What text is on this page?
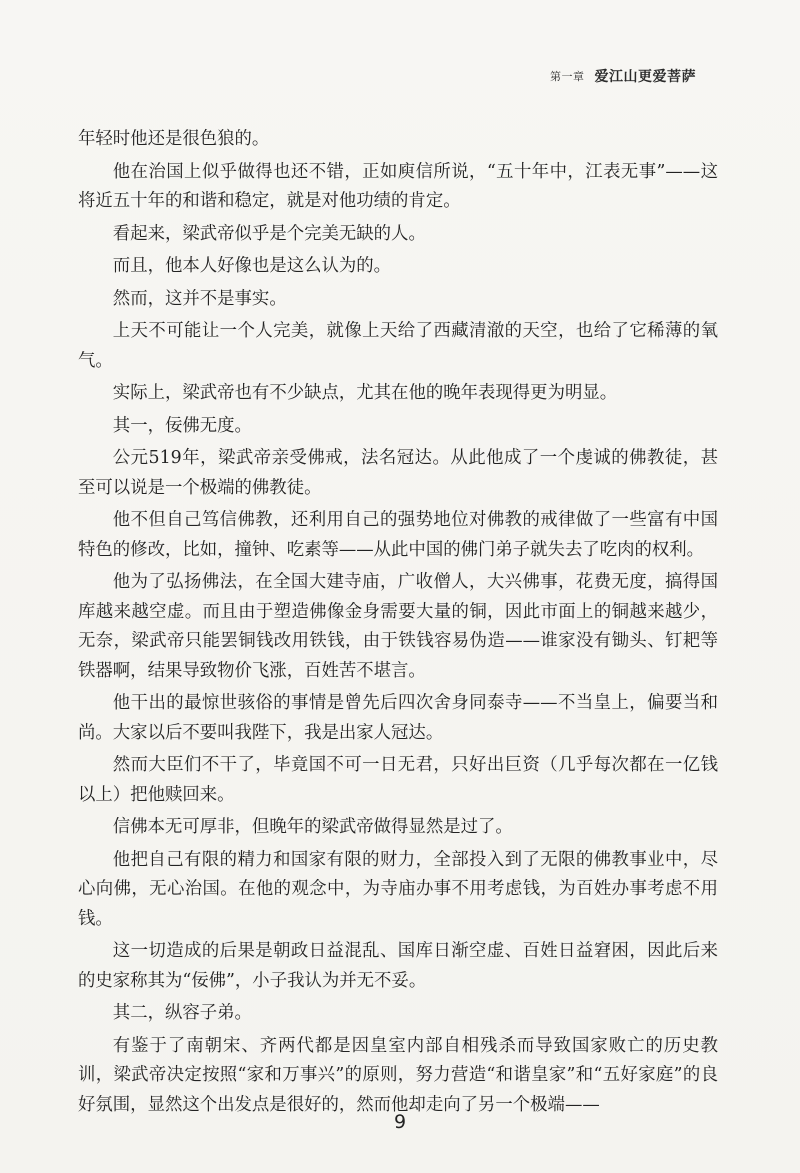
第一章 爱江山更爱菩萨

年轻时他还是很色狼的。

他在治国上似乎做得也还不错，正如庾信所说，“五十年中，江表无事”——这将近五十年的和谐和稳定，就是对他功绩的肯定。

看起来，梁武帝似乎是个完美无缺的人。

而且，他本人好像也是这么认为的。

然而，这并不是事实。

上天不可能让一个人完美，就像上天给了西藏清澈的天空，也给了它稀薄的氧气。

实际上，梁武帝也有不少缺点，尤其在他的晚年表现得更为明显。

其一，佞佛无度。

公元519年，梁武帝亲受佛戒，法名冠达。从此他成了一个虔诚的佛教徒，甚至可以说是一个极端的佛教徒。

他不但自己笃信佛教，还利用自己的强势地位对佛教的戒律做了一些富有中国特色的修改，比如，撞钟、吃素等——从此中国的佛门弟子就失去了吃肉的权利。

他为了弘扬佛法，在全国大建寺庙，广收僧人，大兴佛事，花费无度，搞得国库越来越空虚。而且由于塑造佛像金身需要大量的铜，因此市面上的铜越来越少，无奈，梁武帝只能罢铜钱改用铁钱，由于铁钱容易伪造——谁家没有锄头、钉耙等铁器啊，结果导致物价飞涨，百姓苦不堪言。

他干出的最惊世骇俗的事情是曾先后四次舍身同泰寺——不当皇上，偏要当和尚。大家以后不要叫我陛下，我是出家人冠达。

然而大臣们不干了，毕竟国不可一日无君，只好出巨资（几乎每次都在一亿钱以上）把他赎回来。

信佛本无可厚非，但晚年的梁武帝做得显然是过了。

他把自己有限的精力和国家有限的财力，全部投入到了无限的佛教事业中，尽心向佛，无心治国。在他的观念中，为寺庙办事不用考虑钱，为百姓办事考虑不用钱。

这一切造成的后果是朝政日益混乱、国库日渐空虚、百姓日益窘困，因此后来的史家称其为“佞佛”，小子我认为并无不妥。

其二，纵容子弟。

有鉴于了南朝宋、齐两代都是因皇室内部自相残杀而导致国家败亡的历史教训，梁武帝决定按照“家和万事兴”的原则，努力营造“和谐皇家”和“五好家庭”的良好氛围，显然这个出发点是很好的，然而他却走向了另一个极端——

9
